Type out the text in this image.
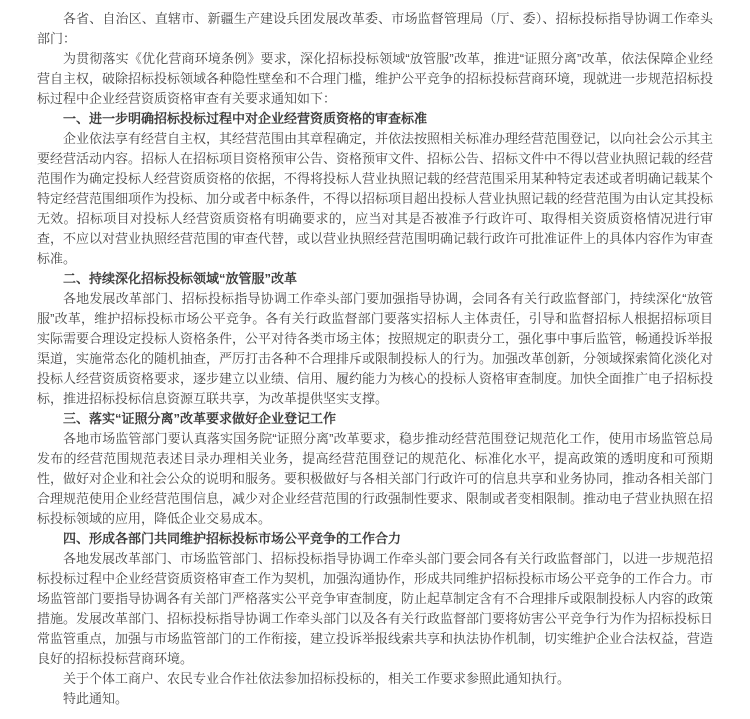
各省、自治区、直辖市、新疆生产建设兵团发展改革委、市场监督管理局（厅、委）、招标投标指导协调工作牵头部门：

为贯彻落实《优化营商环境条例》要求，深化招标投标领域“放管服”改革，推进“证照分离”改革，依法保障企业经营自主权，破除招标投标领域各种隐性壁垒和不合理门槛，维护公平竞争的招标投标营商环境，现就进一步规范招标投标过程中企业经营资质资格审查有关要求通知如下：

一、进一步明确招标投标过程中对企业经营资质资格的审查标准

企业依法享有经营自主权，其经营范围由其章程确定，并依法按照相关标准办理经营范围登记，以向社会公示其主要经营活动内容。招标人在招标项目资格预审公告、资格预审文件、招标公告、招标文件中不得以营业执照记载的经营范围作为确定投标人经营资质资格的依据，不得将投标人营业执照记载的经营范围采用某种特定表述或者明确记载某个特定经营范围细项作为投标、加分或者中标条件，不得以招标项目超出投标人营业执照记载的经营范围为由认定其投标无效。招标项目对投标人经营资质资格有明确要求的，应当对其是否被准予行政许可、取得相关资质资格情况进行审查，不应以对营业执照经营范围的审查代替，或以营业执照经营范围明确记载行政许可批准证件上的具体内容作为审查标准。

二、持续深化招标投标领域“放管服”改革

各地发展改革部门、招标投标指导协调工作牵头部门要加强指导协调，会同各有关行政监督部门，持续深化“放管服”改革，维护招标投标市场公平竞争。各有关行政监督部门要落实招标人主体责任，引导和监督招标人根据招标项目实际需要合理设定投标人资格条件，公平对待各类市场主体；按照规定的职责分工，强化事中事后监管，畅通投诉举报渠道，实施常态化的随机抽查，严厉打击各种不合理排斥或限制投标人的行为。加强改革创新，分领域探索简化淡化对投标人经营资质资格要求，逐步建立以业绩、信用、履约能力为核心的投标人资格审查制度。加快全面推广电子招标投标，推进招标投标信息资源互联共享，为改革提供坚实支撑。

三、落实“证照分离”改革要求做好企业登记工作

各地市场监管部门要认真落实国务院“证照分离”改革要求，稳步推动经营范围登记规范化工作，使用市场监管总局发布的经营范围规范表述目录办理相关业务，提高经营范围登记的规范化、标准化水平，提高政策的透明度和可预期性，做好对企业和社会公众的说明和服务。要积极做好与各相关部门行政许可的信息共享和业务协同，推动各相关部门合理规范使用企业经营范围信息，减少对企业经营范围的行政强制性要求、限制或者变相限制。推动电子营业执照在招标投标领域的应用，降低企业交易成本。

四、形成各部门共同维护招标投标市场公平竞争的工作合力

各地发展改革部门、市场监管部门、招标投标指导协调工作牵头部门要会同各有关行政监督部门，以进一步规范招标投标过程中企业经营资质资格审查工作为契机，加强沟通协作，形成共同维护招标投标市场公平竞争的工作合力。市场监管部门要指导协调各有关部门严格落实公平竞争审查制度，防止起草制定含有不合理排斥或限制投标人内容的政策措施。发展改革部门、招标投标指导协调工作牵头部门以及各有关行政监督部门要将妨害公平竞争行为作为招标投标日常监管重点，加强与市场监管部门的工作衔接，建立投诉举报线索共享和执法协作机制，切实维护企业合法权益，营造良好的招标投标营商环境。

关于个体工商户、农民专业合作社依法参加招标投标的，相关工作要求参照此通知执行。

特此通知。
